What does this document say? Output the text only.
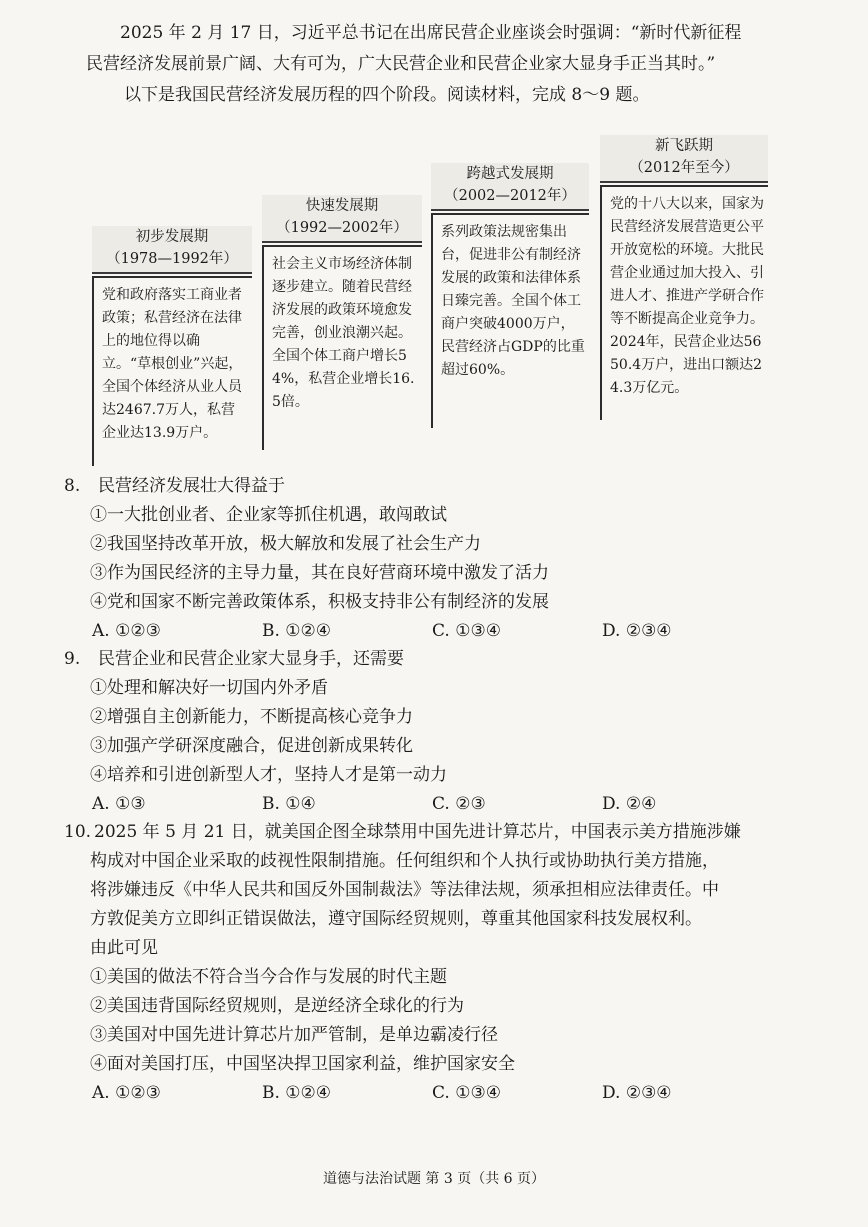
2025 年 2 月 17 日，习近平总书记在出席民营企业座谈会时强调：“新时代新征程

民营经济发展前景广阔、大有可为，广大民营企业和民营企业家大显身手正当其时。”

以下是我国民营经济发展历程的四个阶段。阅读材料，完成 8～9 题。

初步发展期
（1978—1992年）
党和政府落实工商业者政策；私营经济在法律上的地位得以确立。“草根创业”兴起，全国个体经济从业人员达2467.7万人，私营企业达13.9万户。
快速发展期
（1992—2002年）
社会主义市场经济体制逐步建立。随着民营经济发展的政策环境愈发完善，创业浪潮兴起。全国个体工商户增长54%，私营企业增长16.5倍。
跨越式发展期
（2002—2012年）
系列政策法规密集出台，促进非公有制经济发展的政策和法律体系日臻完善。全国个体工商户突破4000万户，民营经济占GDP的比重超过60%。
新飞跃期
（2012年至今）
党的十八大以来，国家为民营经济发展营造更公平开放宽松的环境。大批民营企业通过加大投入、引进人才、推进产学研合作等不断提高企业竞争力。2024年，民营企业达5650.4万户，进出口额达24.3万亿元。

8. 民营经济发展壮大得益于

①一大批创业者、企业家等抓住机遇，敢闯敢试

②我国坚持改革开放，极大解放和发展了社会生产力

③作为国民经济的主导力量，其在良好营商环境中激发了活力

④党和国家不断完善政策体系，积极支持非公有制经济的发展

A. ①②③	B. ①②④	C. ①③④	D. ②③④

9. 民营企业和民营企业家大显身手，还需要

①处理和解决好一切国内外矛盾

②增强自主创新能力，不断提高核心竞争力

③加强产学研深度融合，促进创新成果转化

④培养和引进创新型人才，坚持人才是第一动力

A. ①③	B. ①④	C. ②③	D. ②④

10. 2025 年 5 月 21 日，就美国企图全球禁用中国先进计算芯片，中国表示美方措施涉嫌

构成对中国企业采取的歧视性限制措施。任何组织和个人执行或协助执行美方措施，

将涉嫌违反《中华人民共和国反外国制裁法》等法律法规，须承担相应法律责任。中

方敦促美方立即纠正错误做法，遵守国际经贸规则，尊重其他国家科技发展权利。

由此可见

①美国的做法不符合当今合作与发展的时代主题

②美国违背国际经贸规则，是逆经济全球化的行为

③美国对中国先进计算芯片加严管制，是单边霸凌行径

④面对美国打压，中国坚决捍卫国家利益，维护国家安全

A. ①②③	B. ①②④	C. ①③④	D. ②③④
道德与法治试题 第 3 页（共 6 页）
